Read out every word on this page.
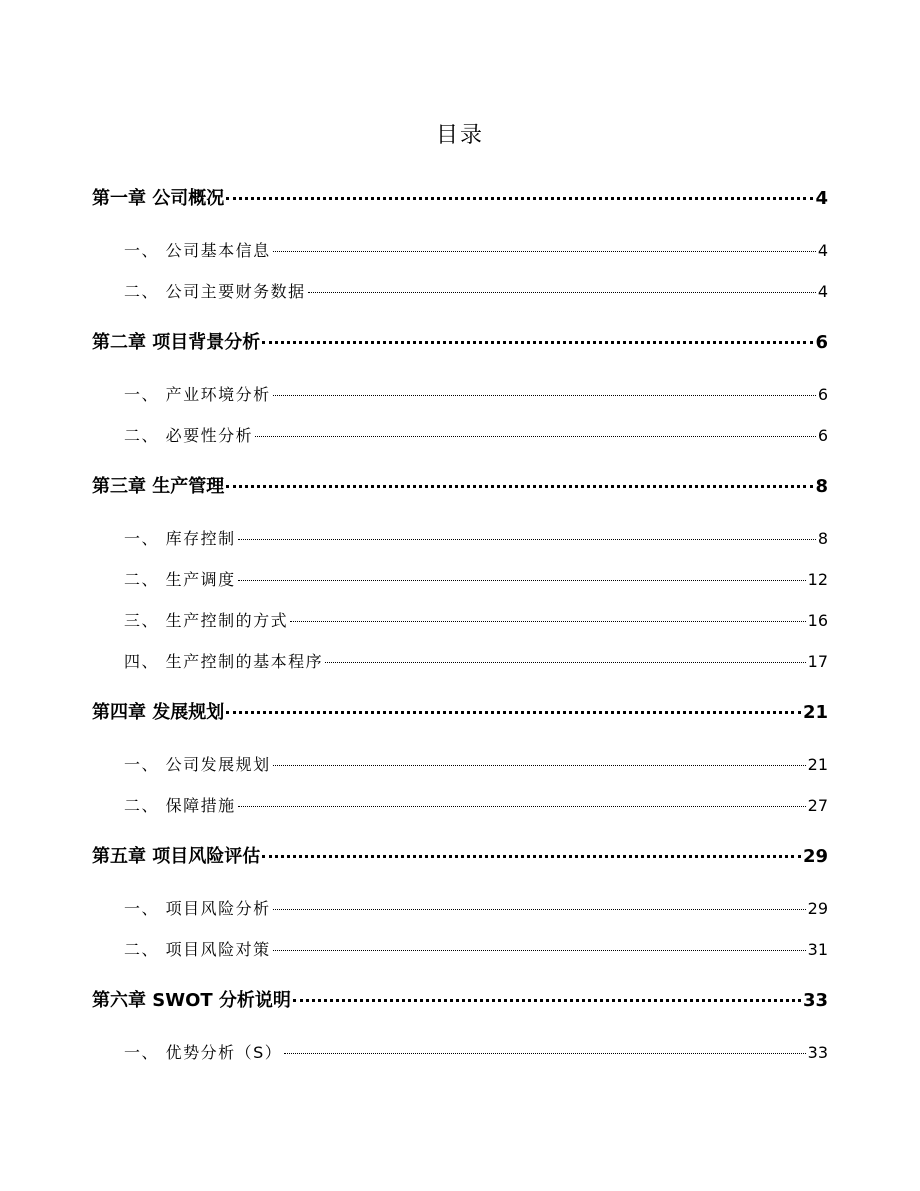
目录
第一章 公司概况	4
一、 公司基本信息	4
二、 公司主要财务数据	4
第二章 项目背景分析	6
一、 产业环境分析	6
二、 必要性分析	6
第三章 生产管理	8
一、 库存控制	8
二、 生产调度	12
三、 生产控制的方式	16
四、 生产控制的基本程序	17
第四章 发展规划	21
一、 公司发展规划	21
二、 保障措施	27
第五章 项目风险评估	29
一、 项目风险分析	29
二、 项目风险对策	31
第六章 SWOT 分析说明	33
一、 优势分析（S）	33
